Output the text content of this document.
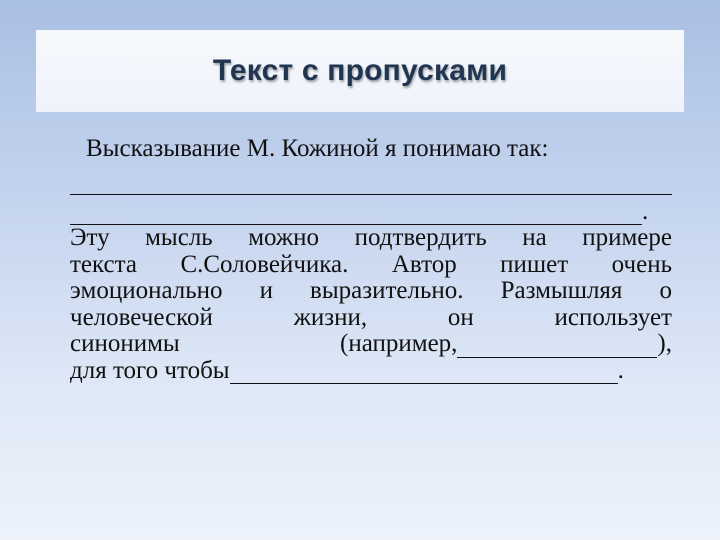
Текст с пропусками
Высказывание М. Кожиной я понимаю так:
.
Эту мысль можно подтвердить на примере
текста С.Соловейчика. Автор пишет очень
эмоционально и выразительно. Размышляя о
человеческой	жизни,	он	использует
синонимы	(например,	),
для того чтобы	.
